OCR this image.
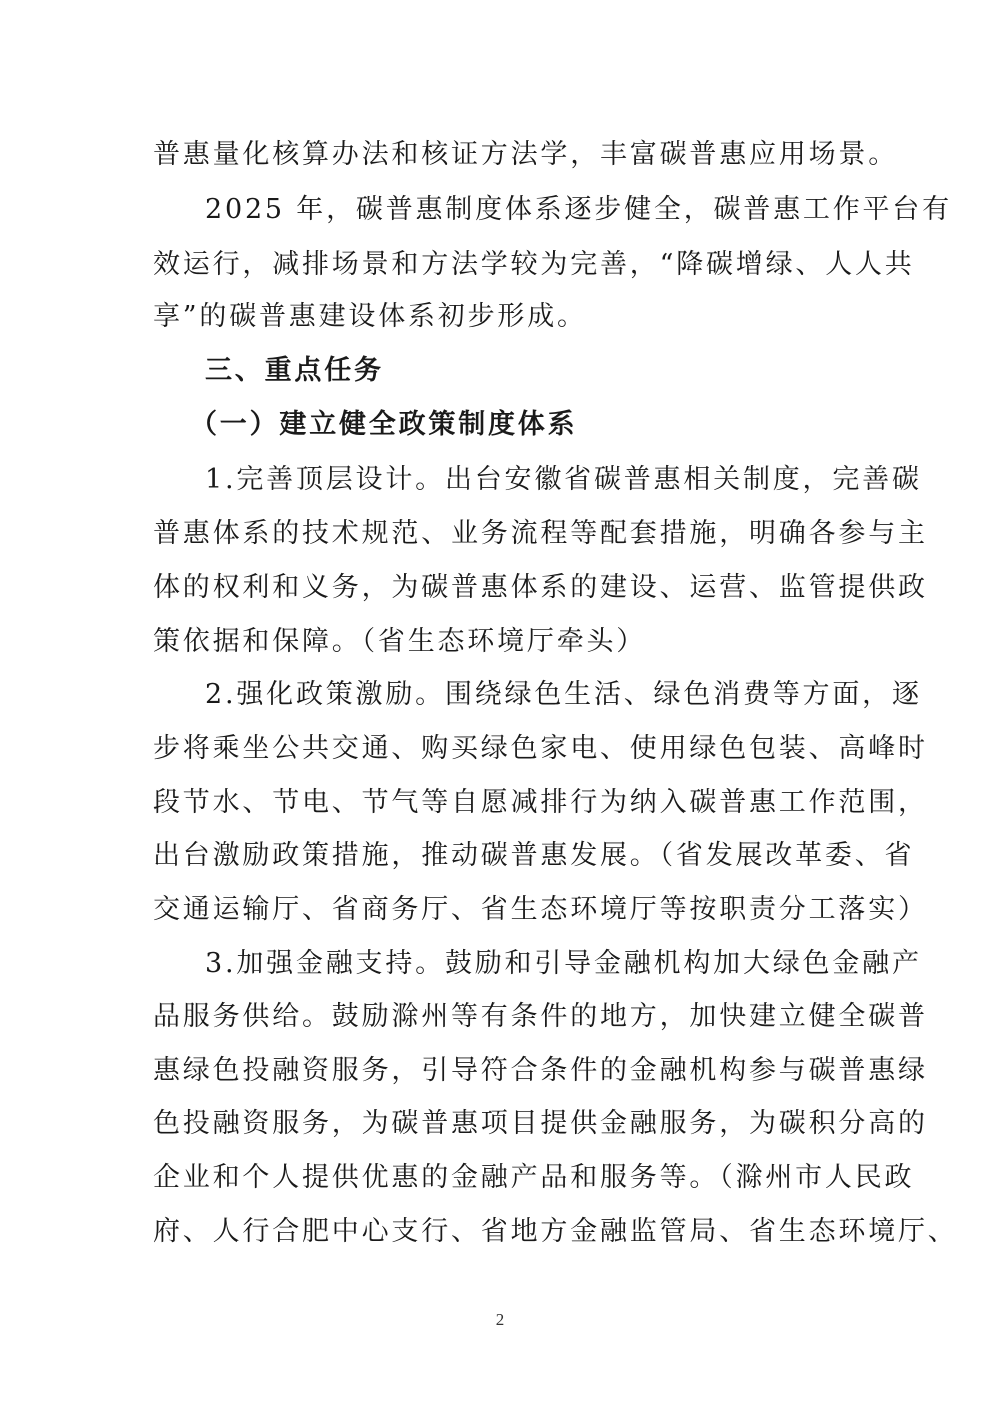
普惠量化核算办法和核证方法学，丰富碳普惠应用场景。
2025 年，碳普惠制度体系逐步健全，碳普惠工作平台有
效运行，减排场景和方法学较为完善，“降碳增绿、人人共
享”的碳普惠建设体系初步形成。
三、重点任务
（一）建立健全政策制度体系
1.完善顶层设计。出台安徽省碳普惠相关制度，完善碳
普惠体系的技术规范、业务流程等配套措施，明确各参与主
体的权利和义务，为碳普惠体系的建设、运营、监管提供政
策依据和保障。（省生态环境厅牵头）
2.强化政策激励。围绕绿色生活、绿色消费等方面，逐
步将乘坐公共交通、购买绿色家电、使用绿色包装、高峰时
段节水、节电、节气等自愿减排行为纳入碳普惠工作范围，
出台激励政策措施，推动碳普惠发展。（省发展改革委、省
交通运输厅、省商务厅、省生态环境厅等按职责分工落实）
3.加强金融支持。鼓励和引导金融机构加大绿色金融产
品服务供给。鼓励滁州等有条件的地方，加快建立健全碳普
惠绿色投融资服务，引导符合条件的金融机构参与碳普惠绿
色投融资服务，为碳普惠项目提供金融服务，为碳积分高的
企业和个人提供优惠的金融产品和服务等。（滁州市人民政
府、人行合肥中心支行、省地方金融监管局、省生态环境厅、
2
